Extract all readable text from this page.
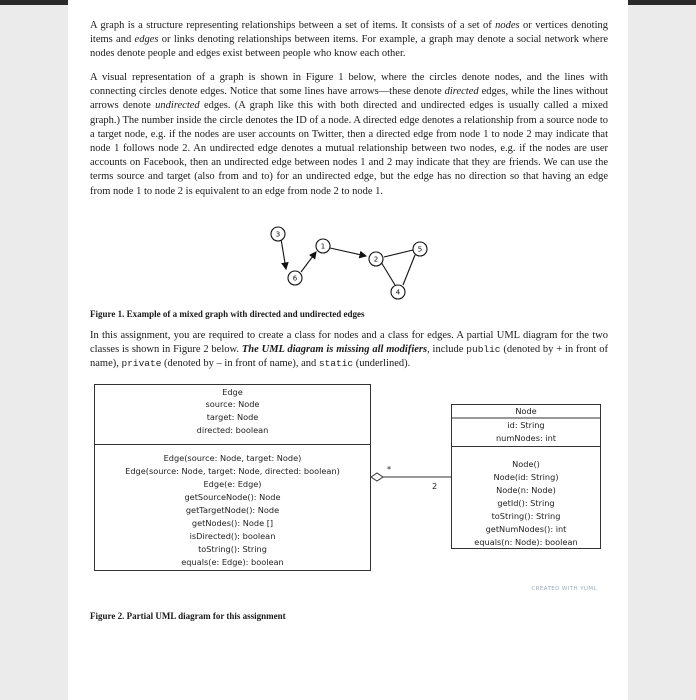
A graph is a structure representing relationships between a set of items. It consists of a set of nodes or vertices denoting items and edges or links denoting relationships between items. For example, a graph may denote a social network where nodes denote people and edges exist between people who know each other.

A visual representation of a graph is shown in Figure 1 below, where the circles denote nodes, and the lines with connecting circles denote edges. Notice that some lines have arrows—these denote directed edges, while the lines without arrows denote undirected edges. (A graph like this with both directed and undirected edges is usually called a mixed graph.) The number inside the circle denotes the ID of a node. A directed edge denotes a relationship from a source node to a target node, e.g. if the nodes are user accounts on Twitter, then a directed edge from node 1 to node 2 may indicate that node 1 follows node 2. An undirected edge denotes a mutual relationship between two nodes, e.g. if the nodes are user accounts on Facebook, then an undirected edge between nodes 1 and 2 may indicate that they are friends. We can use the terms source and target (also from and to) for an undirected edge, but the edge has no direction so that having an edge from node 1 to node 2 is equivalent to an edge from node 2 to node 1.

3
1
2
5
6
4
Figure 1. Example of a mixed graph with directed and undirected edges

In this assignment, you are required to create a class for nodes and a class for edges. A partial UML diagram for the two classes is shown in Figure 2 below. The UML diagram is missing all modifiers, include public (denoted by + in front of name), private (denoted by – in front of name), and static (underlined).

Edge
source: Node
target: Node
directed: boolean
Edge(source: Node, target: Node)
Edge(source: Node, target: Node, directed: boolean)
Edge(e: Edge)
getSourceNode(): Node
getTargetNode(): Node
getNodes(): Node []
isDirected(): boolean
toString(): String
equals(e: Edge): boolean
*
2
Node
id: String
numNodes: int
Node()
Node(id: String)
Node(n: Node)
getId(): String
toString(): String
getNumNodes(): int
equals(n: Node): boolean
CREATED WITH YUML
Figure 2. Partial UML diagram for this assignment
